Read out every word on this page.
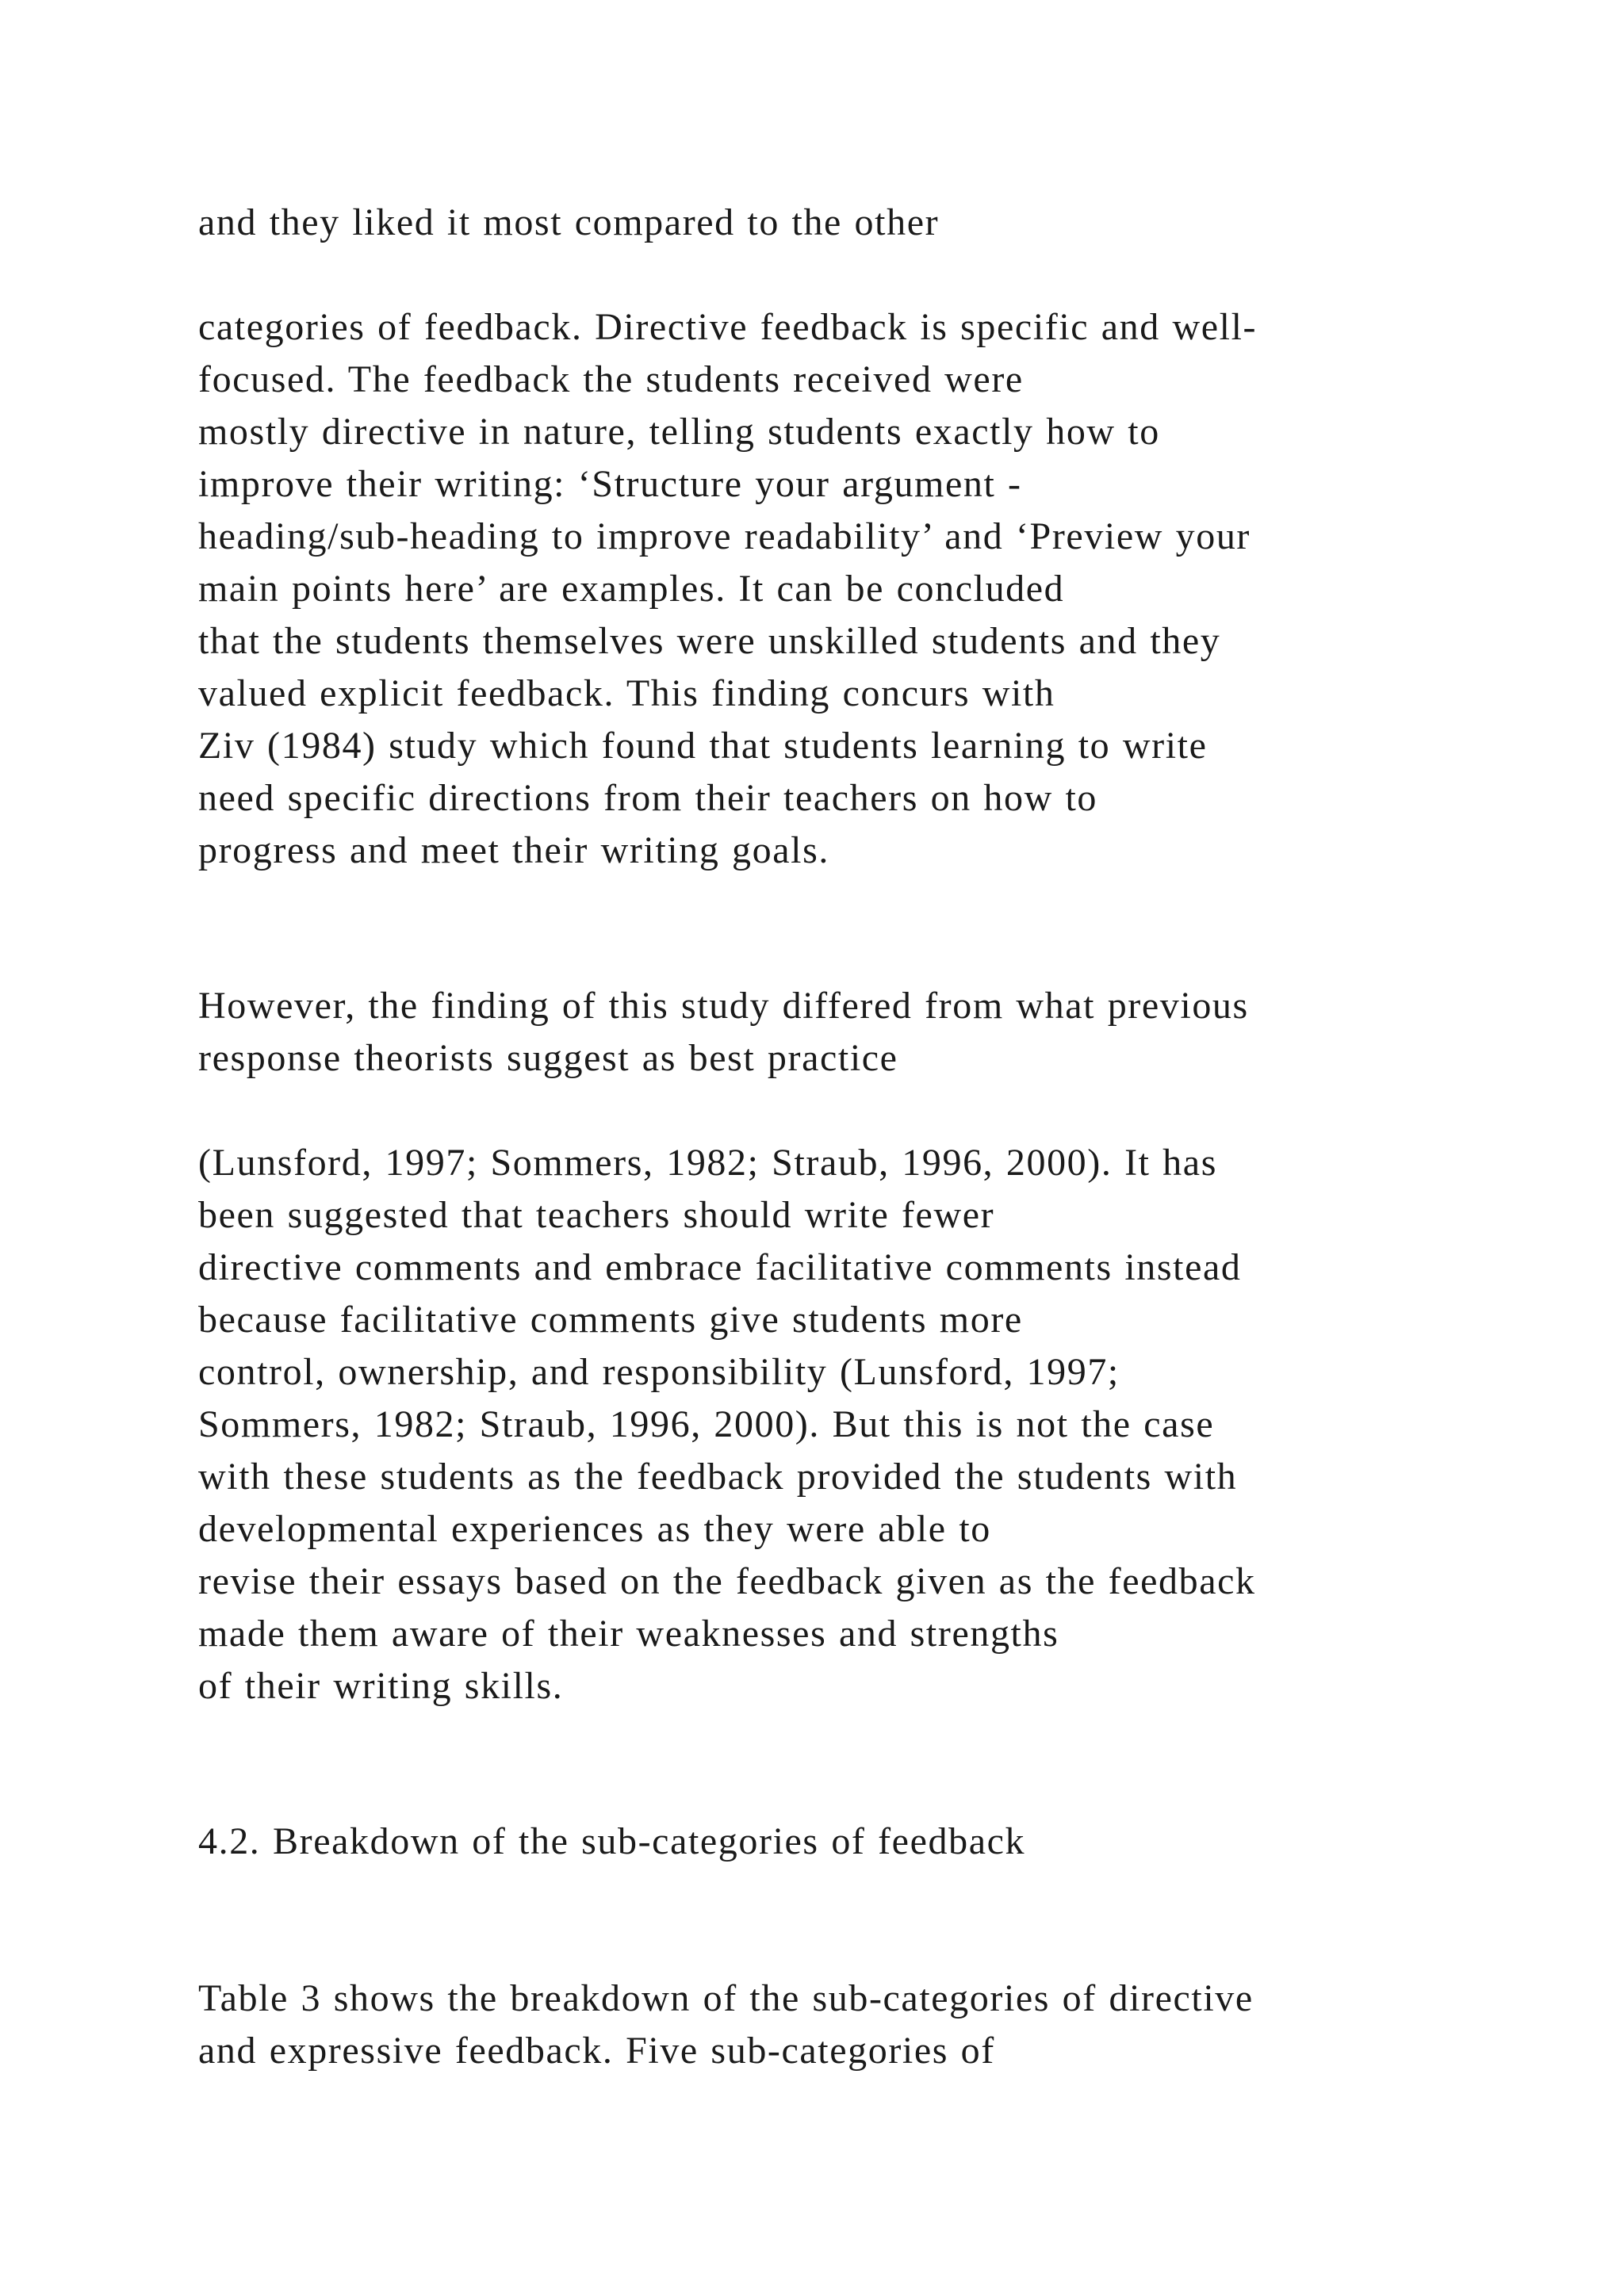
and they liked it most compared to the other
categories of feedback. Directive feedback is specific and well-
focused. The feedback the students received were
mostly directive in nature, telling students exactly how to
improve their writing: ‘Structure your argument -
heading/sub-heading to improve readability’ and ‘Preview your
main points here’ are examples. It can be concluded
that the students themselves were unskilled students and they
valued explicit feedback. This finding concurs with
Ziv (1984) study which found that students learning to write
need specific directions from their teachers on how to
progress and meet their writing goals.
However, the finding of this study differed from what previous
response theorists suggest as best practice
(Lunsford, 1997; Sommers, 1982; Straub, 1996, 2000). It has
been suggested that teachers should write fewer
directive comments and embrace facilitative comments instead
because facilitative comments give students more
control, ownership, and responsibility (Lunsford, 1997;
Sommers, 1982; Straub, 1996, 2000). But this is not the case
with these students as the feedback provided the students with
developmental experiences as they were able to
revise their essays based on the feedback given as the feedback
made them aware of their weaknesses and strengths
of their writing skills.
4.2. Breakdown of the sub-categories of feedback
Table 3 shows the breakdown of the sub-categories of directive
and expressive feedback. Five sub-categories of
